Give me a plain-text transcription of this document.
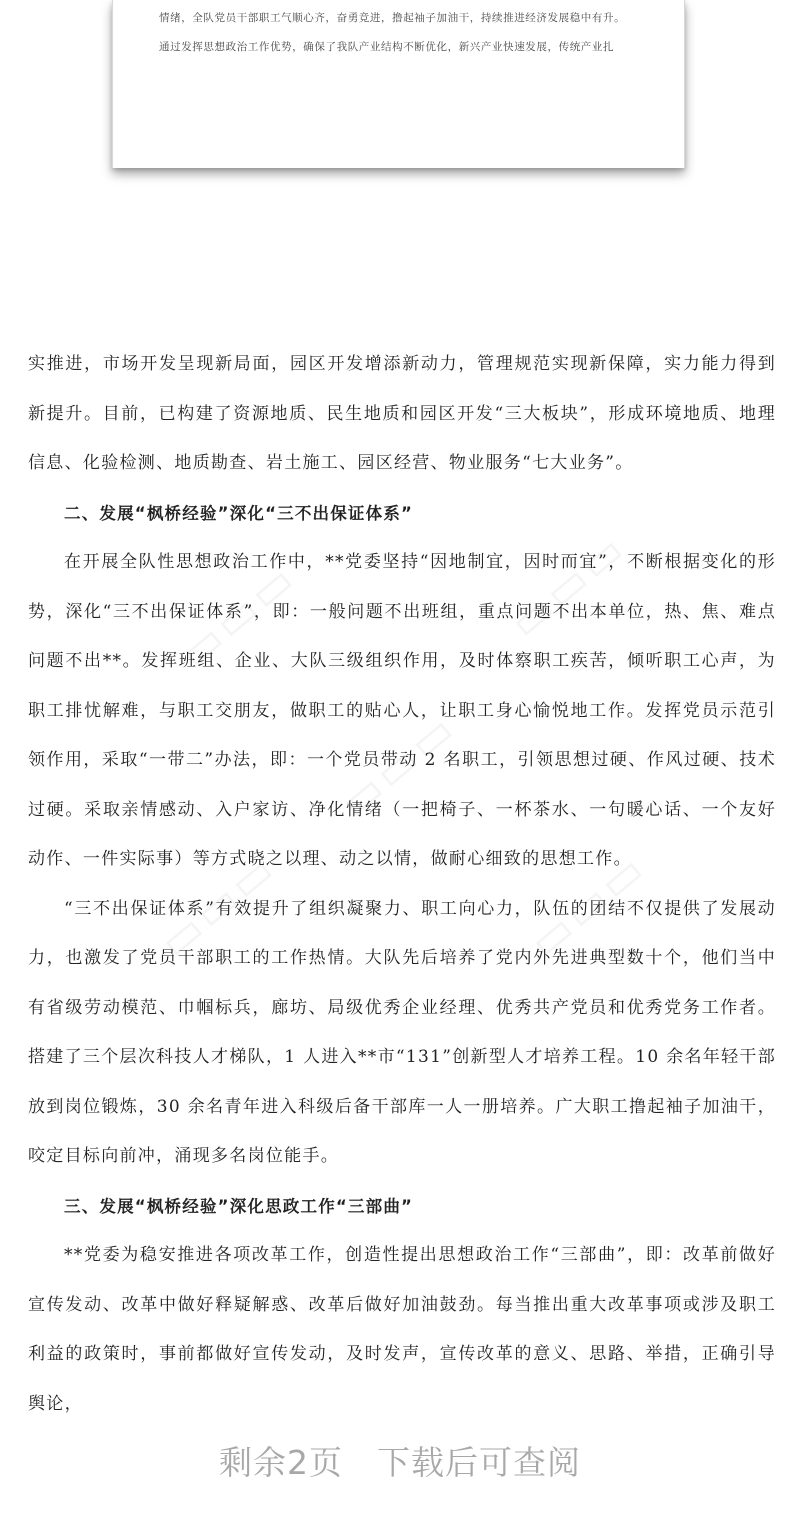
情绪，全队党员干部职工气顺心齐，奋勇竞进，撸起袖子加油干，持续推进经济发展稳中有升。
通过发挥思想政治工作优势，确保了我队产业结构不断优化，新兴产业快速发展，传统产业扎
▭▭▭	▭▭▭
▭▭▭
▭▭▭	▭▭▭

实推进，市场开发呈现新局面，园区开发增添新动力，管理规范实现新保障，实力能力得到新提升。目前，已构建了资源地质、民生地质和园区开发“三大板块”，形成环境地质、地理信息、化验检测、地质勘查、岩土施工、园区经营、物业服务“七大业务”。

二、发展“枫桥经验”深化“三不出保证体系”

在开展全队性思想政治工作中，**党委坚持“因地制宜，因时而宜”，不断根据变化的形势，深化“三不出保证体系”，即：一般问题不出班组，重点问题不出本单位，热、焦、难点问题不出**。发挥班组、企业、大队三级组织作用，及时体察职工疾苦，倾听职工心声，为职工排忧解难，与职工交朋友，做职工的贴心人，让职工身心愉悦地工作。发挥党员示范引领作用，采取“一带二”办法，即：一个党员带动 2 名职工，引领思想过硬、作风过硬、技术过硬。采取亲情感动、入户家访、净化情绪（一把椅子、一杯茶水、一句暖心话、一个友好动作、一件实际事）等方式晓之以理、动之以情，做耐心细致的思想工作。

“三不出保证体系”有效提升了组织凝聚力、职工向心力，队伍的团结不仅提供了发展动力，也激发了党员干部职工的工作热情。大队先后培养了党内外先进典型数十个，他们当中有省级劳动模范、巾帼标兵，廊坊、局级优秀企业经理、优秀共产党员和优秀党务工作者。搭建了三个层次科技人才梯队，1 人进入**市“131”创新型人才培养工程。10 余名年轻干部放到岗位锻炼，30 余名青年进入科级后备干部库一人一册培养。广大职工撸起袖子加油干，咬定目标向前冲，涌现多名岗位能手。

三、发展“枫桥经验”深化思政工作“三部曲”

**党委为稳安推进各项改革工作，创造性提出思想政治工作“三部曲”，即：改革前做好宣传发动、改革中做好释疑解惑、改革后做好加油鼓劲。每当推出重大改革事项或涉及职工利益的政策时，事前都做好宣传发动，及时发声，宣传改革的意义、思路、举措，正确引导舆论，

剩余2页 下载后可查阅
